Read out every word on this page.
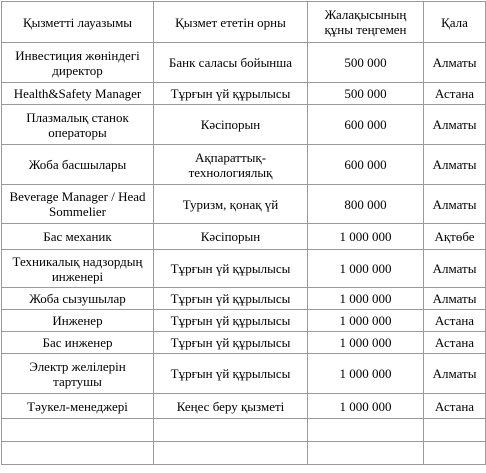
Қызметті лауазымы	Қызмет ететін орны	Жалақысының құны теңгемен	Қала
Инвестиция жөніндегі директор	Банк саласы бойынша	500 000	Алматы
Health&Safety Manager	Тұрғын үй құрылысы	500 000	Астана
Плазмалық станок операторы	Кәсіпорын	600 000	Алматы
Жоба басшылары	Ақпараттық-технологиялық	600 000	Алматы
Beverage Manager / Head Sommelier	Туризм, қонақ үй	800 000	Алматы
Бас механик	Кәсіпорын	1 000 000	Ақтөбе
Техникалық надзордың инженері	Тұрғын үй құрылысы	1 000 000	Алматы
Жоба сызушылар	Тұрғын үй құрылысы	1 000 000	Алматы
Инженер	Тұрғын үй құрылысы	1 000 000	Астана
Бас инженер	Тұрғын үй құрылысы	1 000 000	Астана
Электр желілерін тартушы	Тұрғын үй құрылысы	1 000 000	Алматы
Тәукел-менеджері	Кеңес беру қызметі	1 000 000	Астана
